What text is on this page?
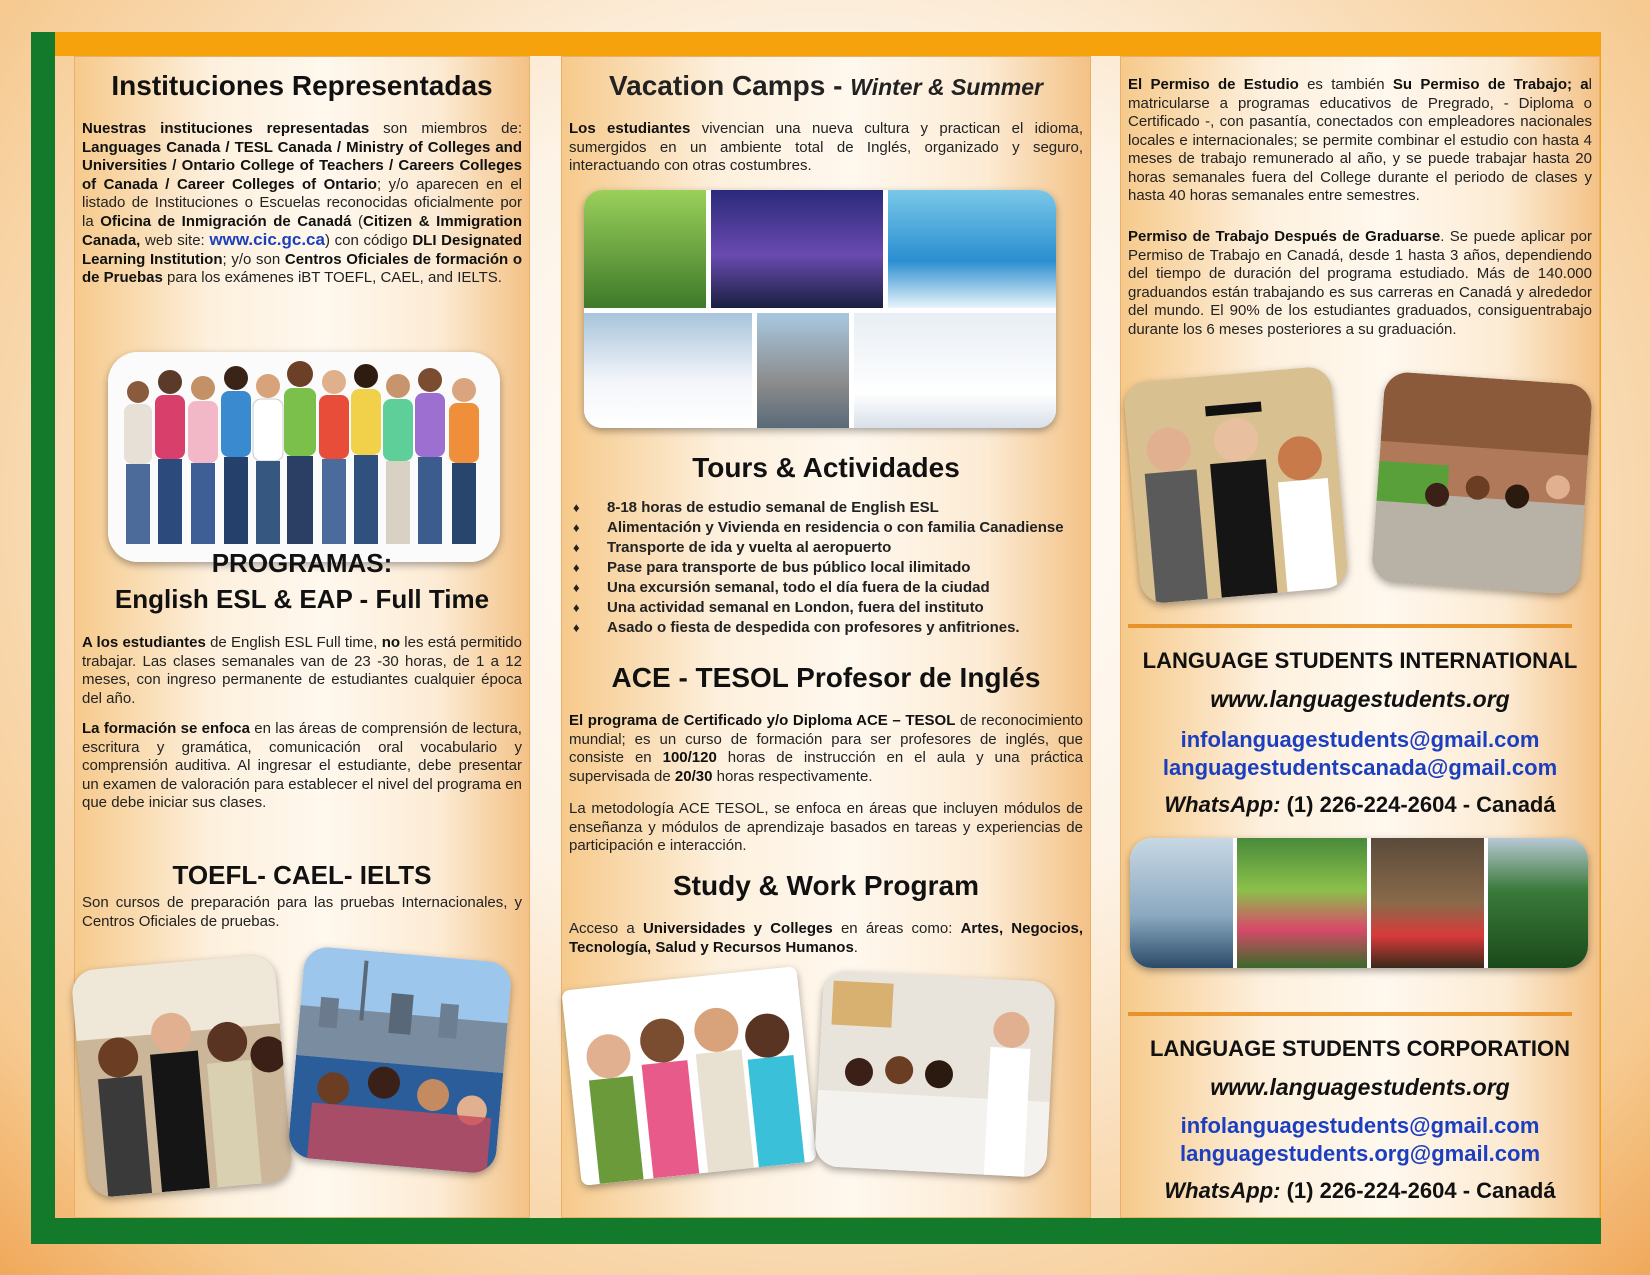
Instituciones Representadas
Nuestras instituciones representadas son miembros de: Languages Canada / TESL Canada / Ministry of Colleges and Universities / Ontario College of Teachers / Careers Colleges of Canada / Career Colleges of Ontario; y/o aparecen en el listado de Instituciones o Escuelas reconocidas oficialmente por la Oficina de Inmigración de Canadá (Citizen & Immigration Canada, web site: www.cic.gc.ca) con código DLI Designated Learning Institution; y/o son Centros Oficiales de formación o de Pruebas para los exámenes iBT TOEFL, CAEL, and IELTS.
PROGRAMAS:
English ESL & EAP - Full Time
A los estudiantes de English ESL Full time, no les está permitido trabajar. Las clases semanales van de 23 -30 horas, de 1 a 12 meses, con ingreso permanente de estudiantes cualquier época del año.
La formación se enfoca en las áreas de comprensión de lectura, escritura y gramática, comunicación oral vocabulario y comprensión auditiva. Al ingresar el estudiante, debe presentar un examen de valoración para establecer el nivel del programa en que debe iniciar sus clases.
TOEFL- CAEL- IELTS
Son cursos de preparación para las pruebas Internacionales, y Centros Oficiales de pruebas.
Vacation Camps - Winter & Summer
Los estudiantes vivencian una nueva cultura y practican el idioma, sumergidos en un ambiente total de Inglés, organizado y seguro, interactuando con otras costumbres.
Tours & Actividades
♦ 8-18 horas de estudio semanal de English ESL
♦ Alimentación y Vivienda en residencia o con familia Canadiense
♦ Transporte de ida y vuelta al aeropuerto
♦ Pase para transporte de bus público local ilimitado
♦ Una excursión semanal, todo el día fuera de la ciudad
♦ Una actividad semanal en London, fuera del instituto
♦ Asado o fiesta de despedida con profesores y anfitriones.
ACE - TESOL Profesor de Inglés
El programa de Certificado y/o Diploma ACE – TESOL de reconocimiento mundial; es un curso de formación para ser profesores de inglés, que consiste en 100/120 horas de instrucción en el aula y una práctica supervisada de 20/30 horas respectivamente.
La metodología ACE TESOL, se enfoca en áreas que incluyen módulos de enseñanza y módulos de aprendizaje basados en tareas y experiencias de participación e interacción.
Study & Work Program
Acceso a Universidades y Colleges en áreas como: Artes, Negocios, Tecnología, Salud y Recursos Humanos.
El Permiso de Estudio es también Su Permiso de Trabajo; al matricularse a programas educativos de Pregrado, - Diploma o Certificado -, con pasantía, conectados con empleadores nacionales locales e internacionales; se permite combinar el estudio con hasta 4 meses de trabajo remunerado al año, y se puede trabajar hasta 20 horas semanales fuera del College durante el periodo de clases y hasta 40 horas semanales entre semestres.
Permiso de Trabajo Después de Graduarse. Se puede aplicar por Permiso de Trabajo en Canadá, desde 1 hasta 3 años, dependiendo del tiempo de duración del programa estudiado. Más de 140.000 graduandos están trabajando es sus carreras en Canadá y alrededor del mundo. El 90% de los estudiantes graduados, consiguentrabajo durante los 6 meses posteriores a su graduación.
LANGUAGE STUDENTS INTERNATIONAL
www.languagestudents.org
infolanguagestudents@gmail.com
languagestudentscanada@gmail.com
WhatsApp: (1) 226-224-2604 - Canadá
LANGUAGE STUDENTS CORPORATION
www.languagestudents.org
infolanguagestudents@gmail.com
languagestudents.org@gmail.com
WhatsApp: (1) 226-224-2604 - Canadá
